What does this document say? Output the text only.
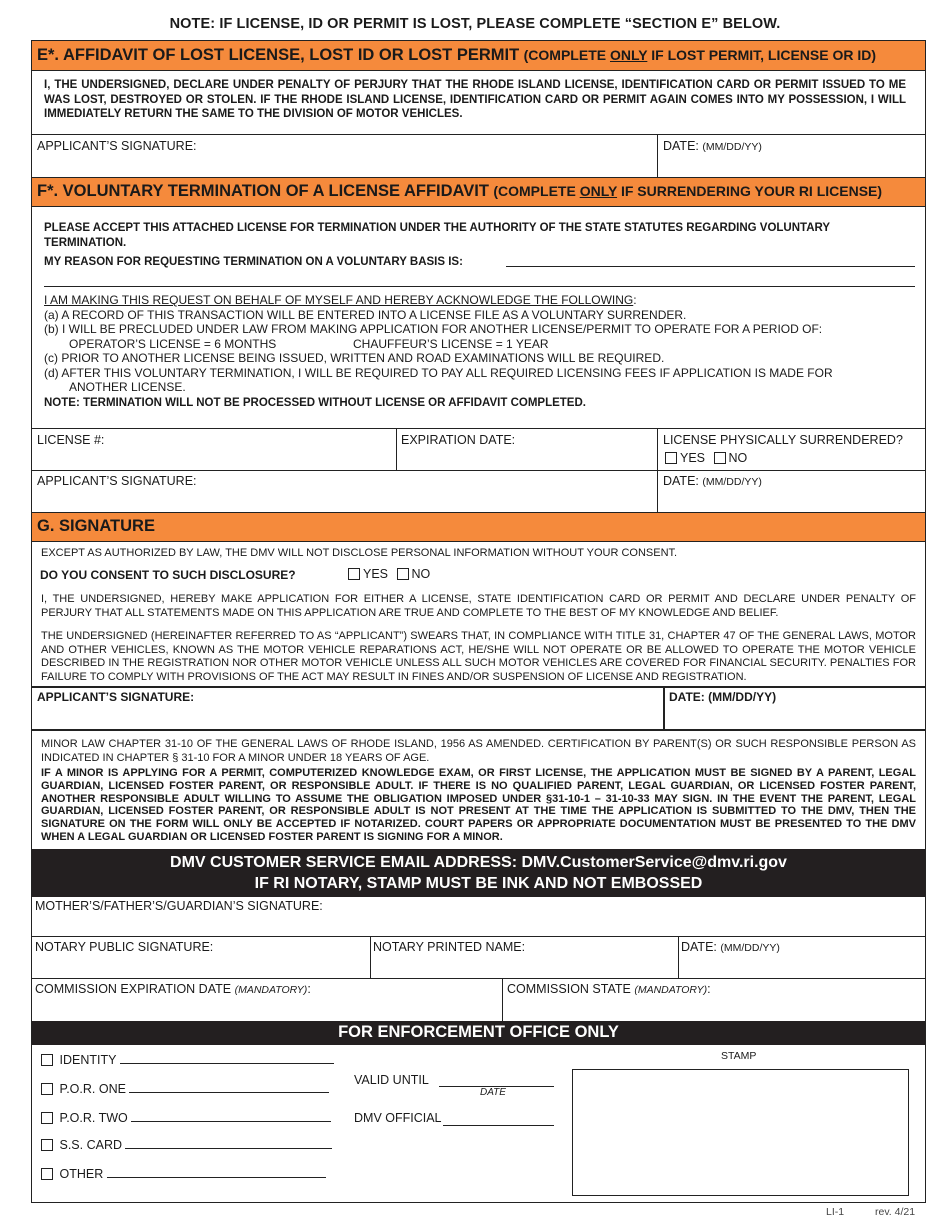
NOTE: IF LICENSE, ID OR PERMIT IS LOST, PLEASE COMPLETE “SECTION E” BELOW.
E*. AFFIDAVIT OF LOST LICENSE, LOST ID OR LOST PERMIT (COMPLETE ONLY IF LOST PERMIT, LICENSE OR ID)
I, THE UNDERSIGNED, DECLARE UNDER PENALTY OF PERJURY THAT THE RHODE ISLAND LICENSE, IDENTIFICATION CARD OR PERMIT ISSUED TO ME WAS LOST, DESTROYED OR STOLEN. IF THE RHODE ISLAND LICENSE, IDENTIFICATION CARD OR PERMIT AGAIN COMES INTO MY POSSESSION, I WILL IMMEDIATELY RETURN THE SAME TO THE DIVISION OF MOTOR VEHICLES.
APPLICANT’S SIGNATURE:	DATE: (MM/DD/YY)
F*. VOLUNTARY TERMINATION OF A LICENSE AFFIDAVIT (COMPLETE ONLY IF SURRENDERING YOUR RI LICENSE)
PLEASE ACCEPT THIS ATTACHED LICENSE FOR TERMINATION UNDER THE AUTHORITY OF THE STATE STATUTES REGARDING VOLUNTARY TERMINATION.
MY REASON FOR REQUESTING TERMINATION ON A VOLUNTARY BASIS IS:
I AM MAKING THIS REQUEST ON BEHALF OF MYSELF AND HEREBY ACKNOWLEDGE THE FOLLOWING:
(a) A RECORD OF THIS TRANSACTION WILL BE ENTERED INTO A LICENSE FILE AS A VOLUNTARY SURRENDER.
(b) I WILL BE PRECLUDED UNDER LAW FROM MAKING APPLICATION FOR ANOTHER LICENSE/PERMIT TO OPERATE FOR A PERIOD OF:
OPERATOR’S LICENSE = 6 MONTHS	CHAUFFEUR’S LICENSE = 1 YEAR
(c) PRIOR TO ANOTHER LICENSE BEING ISSUED, WRITTEN AND ROAD EXAMINATIONS WILL BE REQUIRED.
(d) AFTER THIS VOLUNTARY TERMINATION, I WILL BE REQUIRED TO PAY ALL REQUIRED LICENSING FEES IF APPLICATION IS MADE FOR
ANOTHER LICENSE.
NOTE: TERMINATION WILL NOT BE PROCESSED WITHOUT LICENSE OR AFFIDAVIT COMPLETED.
LICENSE #:	EXPIRATION DATE:	LICENSE PHYSICALLY SURRENDERED?
YES NO
APPLICANT’S SIGNATURE:	DATE: (MM/DD/YY)
G. SIGNATURE
EXCEPT AS AUTHORIZED BY LAW, THE DMV WILL NOT DISCLOSE PERSONAL INFORMATION WITHOUT YOUR CONSENT.
DO YOU CONSENT TO SUCH DISCLOSURE?	YES NO
I, THE UNDERSIGNED, HEREBY MAKE APPLICATION FOR EITHER A LICENSE, STATE IDENTIFICATION CARD OR PERMIT AND DECLARE UNDER PENALTY OF PERJURY THAT ALL STATEMENTS MADE ON THIS APPLICATION ARE TRUE AND COMPLETE TO THE BEST OF MY KNOWLEDGE AND BELIEF.
THE UNDERSIGNED (HEREINAFTER REFERRED TO AS “APPLICANT”) SWEARS THAT, IN COMPLIANCE WITH TITLE 31, CHAPTER 47 OF THE GENERAL LAWS, MOTOR AND OTHER VEHICLES, KNOWN AS THE MOTOR VEHICLE REPARATIONS ACT, HE/SHE WILL NOT OPERATE OR BE ALLOWED TO OPERATE THE MOTOR VEHICLE DESCRIBED IN THE REGISTRATION NOR OTHER MOTOR VEHICLE UNLESS ALL SUCH MOTOR VEHICLES ARE COVERED FOR FINANCIAL SECURITY. PENALTIES FOR FAILURE TO COMPLY WITH PROVISIONS OF THE ACT MAY RESULT IN FINES AND/OR SUSPENSION OF LICENSE AND REGISTRATION.
APPLICANT’S SIGNATURE:	DATE: (MM/DD/YY)
MINOR LAW CHAPTER 31-10 OF THE GENERAL LAWS OF RHODE ISLAND, 1956 AS AMENDED. CERTIFICATION BY PARENT(S) OR SUCH RESPONSIBLE PERSON AS INDICATED IN CHAPTER § 31-10 FOR A MINOR UNDER 18 YEARS OF AGE.
IF A MINOR IS APPLYING FOR A PERMIT, COMPUTERIZED KNOWLEDGE EXAM, OR FIRST LICENSE, THE APPLICATION MUST BE SIGNED BY A PARENT, LEGAL GUARDIAN, LICENSED FOSTER PARENT, OR RESPONSIBLE ADULT. IF THERE IS NO QUALIFIED PARENT, LEGAL GUARDIAN, OR LICENSED FOSTER PARENT, ANOTHER RESPONSIBLE ADULT WILLING TO ASSUME THE OBLIGATION IMPOSED UNDER §31-10-1 – 31-10-33 MAY SIGN. IN THE EVENT THE PARENT, LEGAL GUARDIAN, LICENSED FOSTER PARENT, OR RESPONSIBLE ADULT IS NOT PRESENT AT THE TIME THE APPLICATION IS SUBMITTED TO THE DMV, THEN THE SIGNATURE ON THE FORM WILL ONLY BE ACCEPTED IF NOTARIZED. COURT PAPERS OR APPROPRIATE DOCUMENTATION MUST BE PRESENTED TO THE DMV WHEN A LEGAL GUARDIAN OR LICENSED FOSTER PARENT IS SIGNING FOR A MINOR.
DMV CUSTOMER SERVICE EMAIL ADDRESS: DMV.CustomerService@dmv.ri.gov
IF RI NOTARY, STAMP MUST BE INK AND NOT EMBOSSED
MOTHER’S/FATHER’S/GUARDIAN’S SIGNATURE:
NOTARY PUBLIC SIGNATURE:	NOTARY PRINTED NAME:	DATE: (MM/DD/YY)
COMMISSION EXPIRATION DATE (MANDATORY):	COMMISSION STATE (MANDATORY):
FOR ENFORCEMENT OFFICE ONLY
IDENTITY
P.O.R. ONE
P.O.R. TWO
S.S. CARD
OTHER
VALID UNTIL
DATE
DMV OFFICIAL
STAMP
LI-1	rev. 4/21
